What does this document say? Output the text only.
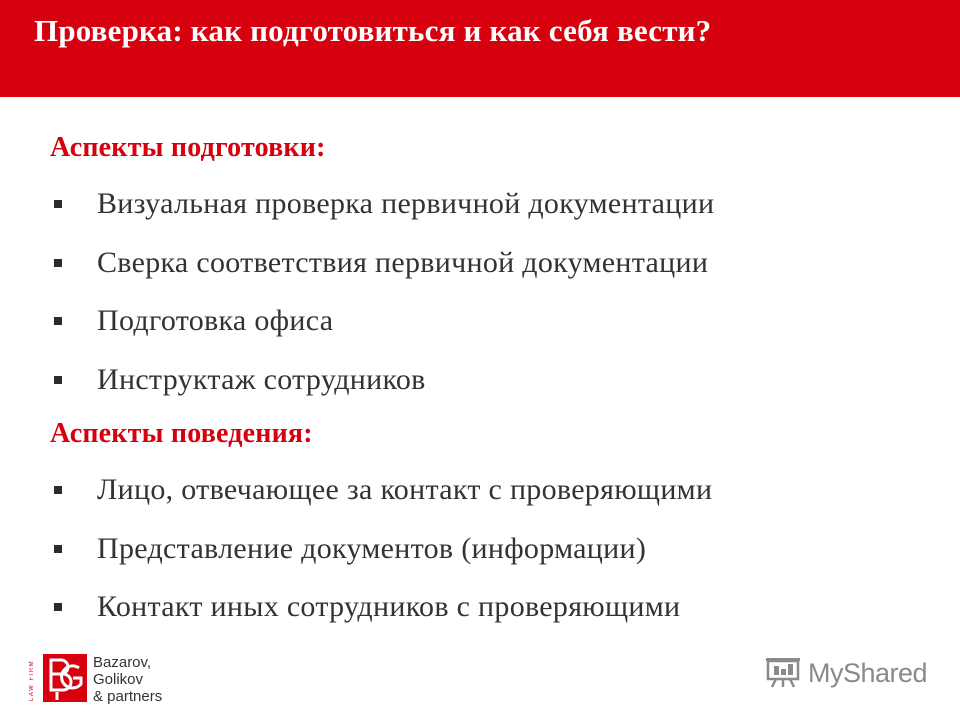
Проверка: как подготовиться и как себя вести?
Аспекты подготовки:
Визуальная проверка первичной документации
Сверка соответствия первичной документации
Подготовка офиса
Инструктаж сотрудников
Аспекты поведения:
Лицо, отвечающее за контакт с проверяющими
Представление документов (информации)
Контакт иных сотрудников с проверяющими
LAW FIRM	Bazarov,
Golikov
& partners
MyShared
